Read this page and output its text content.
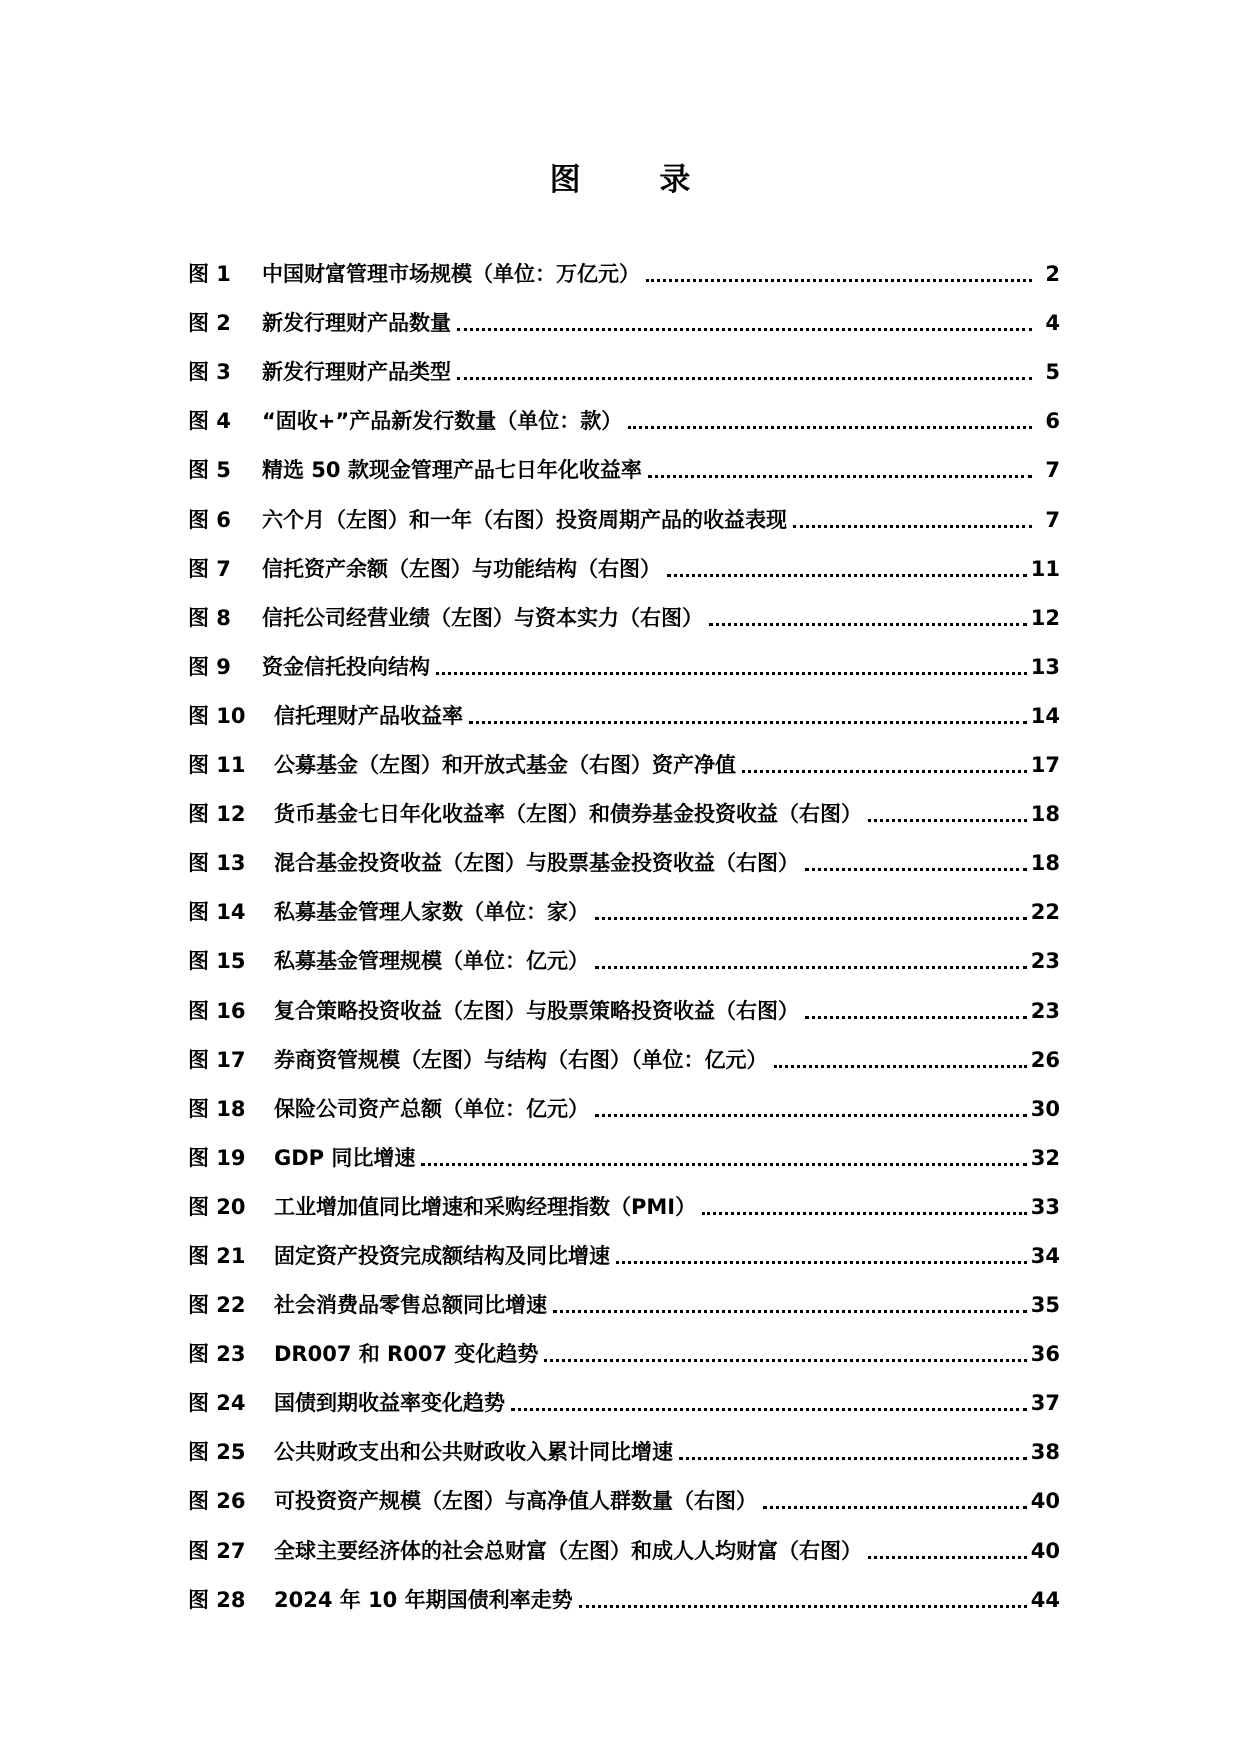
图 录
图 1	中国财富管理市场规模（单位：万亿元）	2
图 2	新发行理财产品数量	4
图 3	新发行理财产品类型	5
图 4	“固收+”产品新发行数量（单位：款）	6
图 5	精选 50 款现金管理产品七日年化收益率	7
图 6	六个月（左图）和一年（右图）投资周期产品的收益表现	7
图 7	信托资产余额（左图）与功能结构（右图）	11
图 8	信托公司经营业绩（左图）与资本实力（右图）	12
图 9	资金信托投向结构	13
图 10	信托理财产品收益率	14
图 11	公募基金（左图）和开放式基金（右图）资产净值	17
图 12	货币基金七日年化收益率（左图）和债券基金投资收益（右图）	18
图 13	混合基金投资收益（左图）与股票基金投资收益（右图）	18
图 14	私募基金管理人家数（单位：家）	22
图 15	私募基金管理规模（单位：亿元）	23
图 16	复合策略投资收益（左图）与股票策略投资收益（右图）	23
图 17	券商资管规模（左图）与结构（右图）（单位：亿元）	26
图 18	保险公司资产总额（单位：亿元）	30
图 19	GDP 同比增速	32
图 20	工业增加值同比增速和采购经理指数（PMI）	33
图 21	固定资产投资完成额结构及同比增速	34
图 22	社会消费品零售总额同比增速	35
图 23	DR007 和 R007 变化趋势	36
图 24	国债到期收益率变化趋势	37
图 25	公共财政支出和公共财政收入累计同比增速	38
图 26	可投资资产规模（左图）与高净值人群数量（右图）	40
图 27	全球主要经济体的社会总财富（左图）和成人人均财富（右图）	40
图 28	2024 年 10 年期国债利率走势	44
